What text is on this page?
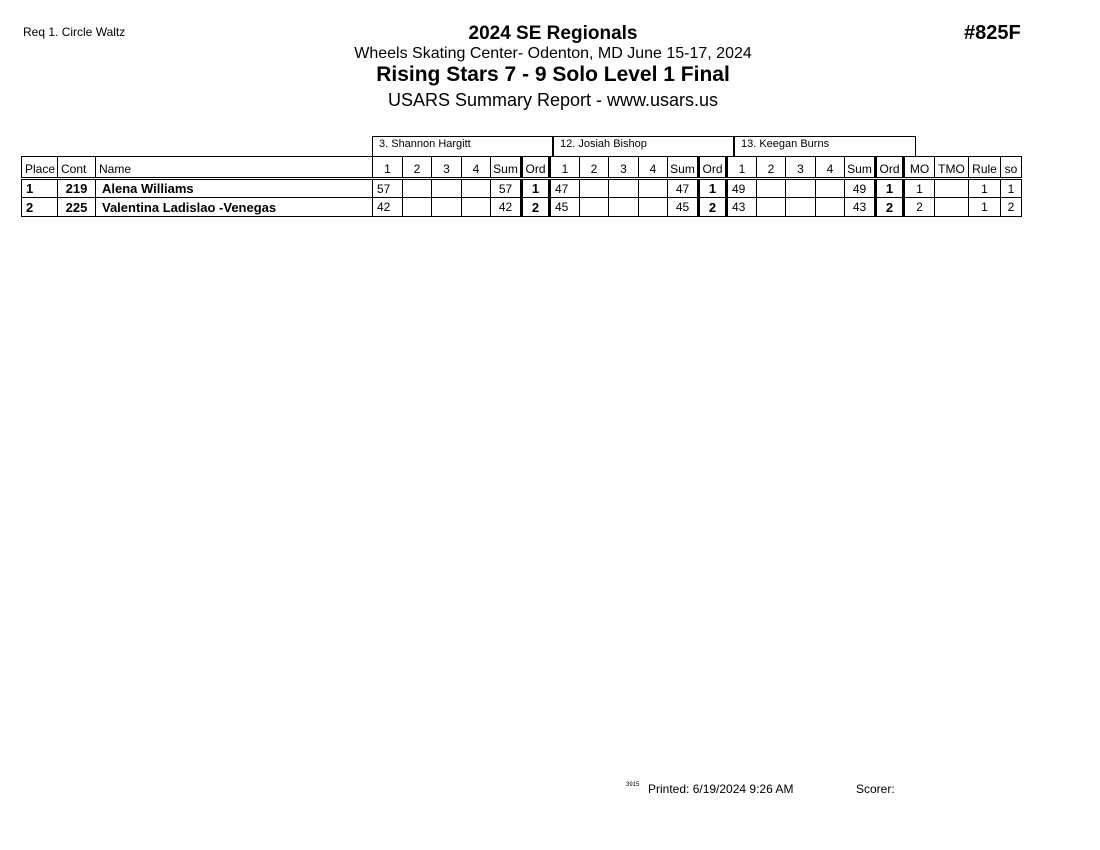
Req 1. Circle Waltz	#825F
2024 SE Regionals
Wheels Skating Center- Odenton, MD June 15-17, 2024
Rising Stars 7 - 9 Solo Level 1 Final
USARS Summary Report - www.usars.us
3. Shannon Hargitt	12. Josiah Bishop	13. Keegan Burns
Place	Cont	Name	1	2	3	4	Sum	Ord	1	2	3	4	Sum	Ord	1	2	3	4	Sum	Ord	MO	TMO	Rule	so
1	219	Alena Williams	57				57	1	47				47	1	49				49	1	1		1	1
2	225	Valentina Ladislao -Venegas	42				42	2	45				45	2	43				43	2	2		1	2
3915 Printed: 6/19/2024 9:26 AM	Scorer:
